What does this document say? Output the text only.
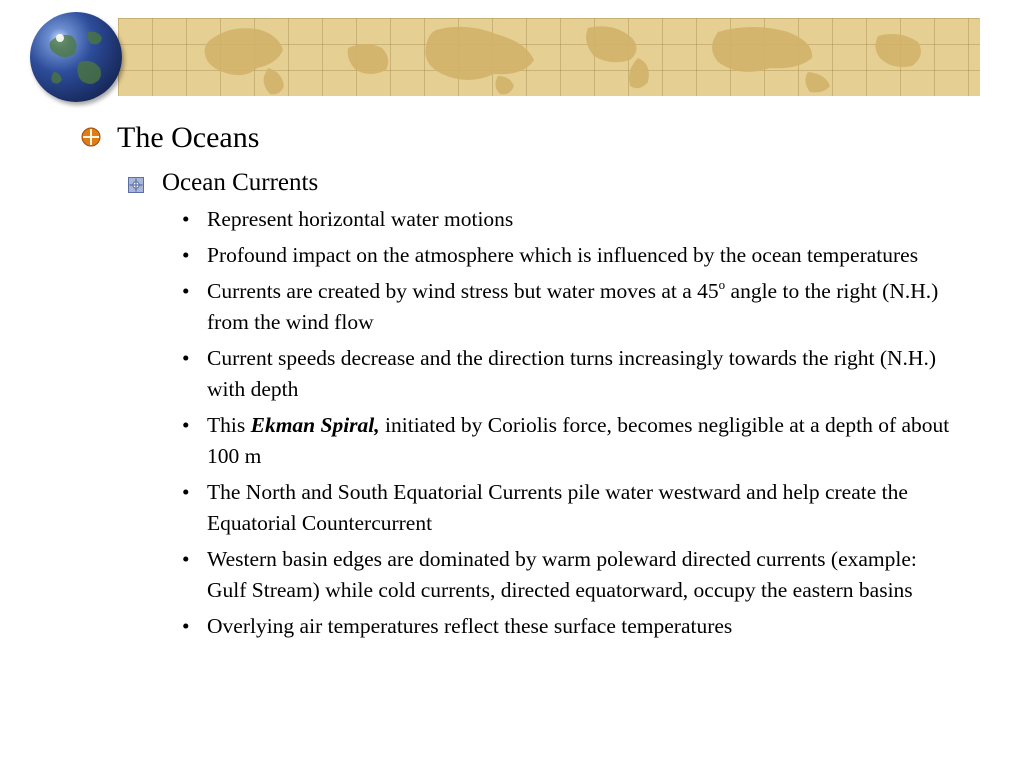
The Oceans
Ocean Currents
• Represent horizontal water motions
• Profound impact on the atmosphere which is influenced by the ocean temperatures
• Currents are created by wind stress but water moves at a 45$^o$ angle to the right (N.H.) from the wind flow
• Current speeds decrease and the direction turns increasingly towards the right (N.H.) with depth
• This Ekman Spiral, initiated by Coriolis force, becomes negligible at a depth of about 100 m
• The North and South Equatorial Currents pile water westward and help create the Equatorial Countercurrent
• Western basin edges are dominated by warm poleward directed currents (example: Gulf Stream) while cold currents, directed equatorward, occupy the eastern basins
• Overlying air temperatures reflect these surface temperatures
